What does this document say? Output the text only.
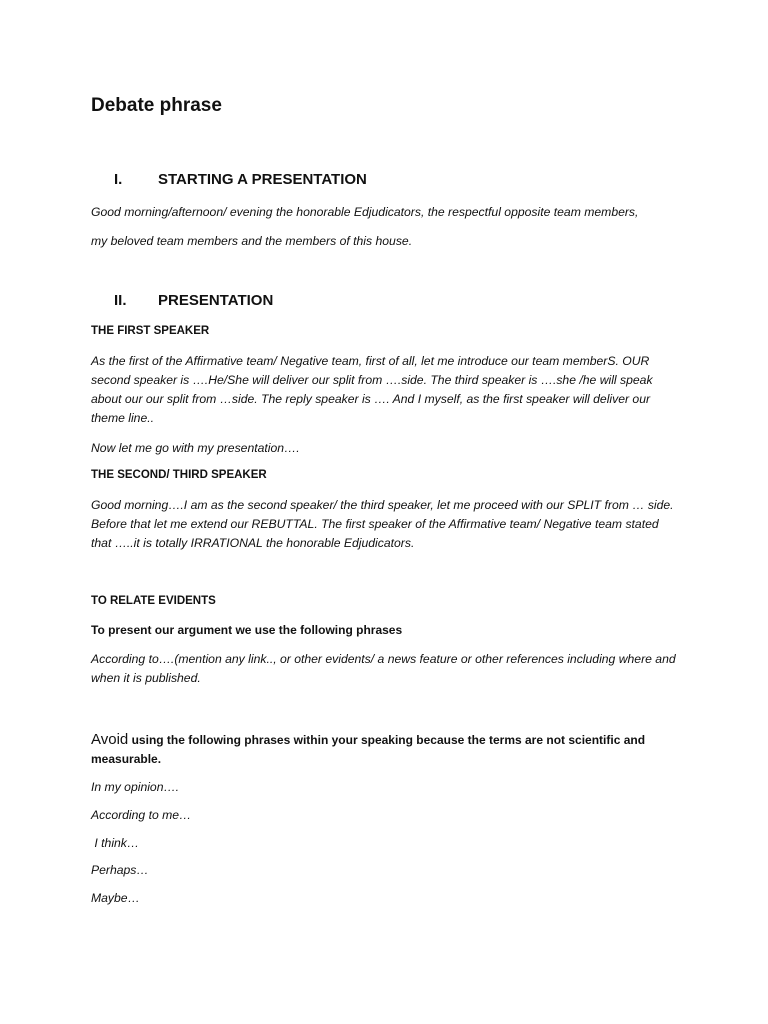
Debate phrase
I.	STARTING A PRESENTATION
Good morning/afternoon/ evening the honorable Edjudicators, the respectful opposite team members,
my beloved team members and the members of this house.
II.	PRESENTATION
THE FIRST SPEAKER
As the first of the Affirmative team/ Negative team, first of all, let me introduce our team memberS. OUR second speaker is ….He/She will deliver our split from ….side. The third speaker is ….she /he will speak about our our split from …side. The reply speaker is …. And I myself, as the first speaker will deliver our theme line..
Now let me go with my presentation….
THE SECOND/ THIRD SPEAKER
Good morning….I am as the second speaker/ the third speaker, let me proceed with our SPLIT from … side. Before that let me extend our REBUTTAL. The first speaker of the Affirmative team/ Negative team stated that …..it is totally IRRATIONAL the honorable Edjudicators.
TO RELATE EVIDENTS
To present our argument we use the following phrases
According to….(mention any link.., or other evidents/ a news feature or other references including where and when it is published.
Avoid using the following phrases within your speaking because the terms are not scientific and measurable.
In my opinion….
According to me…
I think…
Perhaps…
Maybe…
